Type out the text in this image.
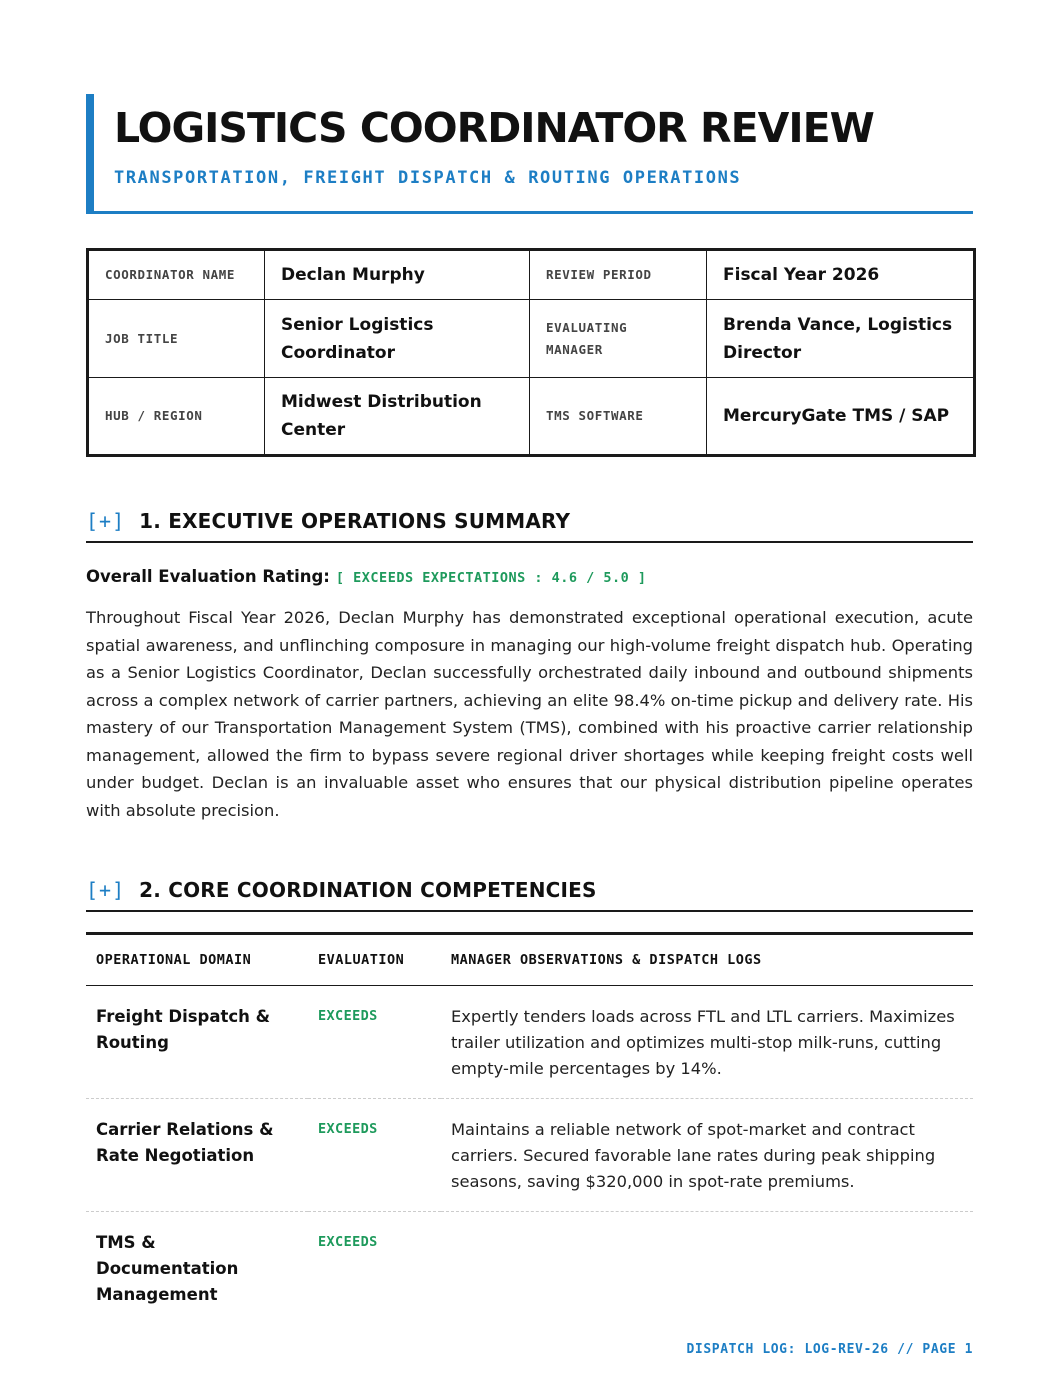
LOGISTICS COORDINATOR REVIEW
TRANSPORTATION, FREIGHT DISPATCH & ROUTING OPERATIONS
COORDINATOR NAME	Declan Murphy	REVIEW PERIOD	Fiscal Year 2026
JOB TITLE	Senior Logistics Coordinator	EVALUATING MANAGER	Brenda Vance, Logistics Director
HUB / REGION	Midwest Distribution Center	TMS SOFTWARE	MercuryGate TMS / SAP
[+] 1. EXECUTIVE OPERATIONS SUMMARY
Overall Evaluation Rating: [ EXCEEDS EXPECTATIONS : 4.6 / 5.0 ]

Throughout Fiscal Year 2026, Declan Murphy has demonstrated exceptional operational execution, acute spatial awareness, and unflinching composure in managing our high-volume freight dispatch hub. Operating as a Senior Logistics Coordinator, Declan successfully orchestrated daily inbound and outbound shipments across a complex network of carrier partners, achieving an elite 98.4% on-time pickup and delivery rate. His mastery of our Transportation Management System (TMS), combined with his proactive carrier relationship management, allowed the firm to bypass severe regional driver shortages while keeping freight costs well under budget. Declan is an invaluable asset who ensures that our physical distribution pipeline operates with absolute precision.

[+] 2. CORE COORDINATION COMPETENCIES
OPERATIONAL DOMAIN	EVALUATION	MANAGER OBSERVATIONS & DISPATCH LOGS
Freight Dispatch & Routing	EXCEEDS	Expertly tenders loads across FTL and LTL carriers. Maximizes trailer utilization and optimizes multi-stop milk-runs, cutting empty-mile percentages by 14%.
Carrier Relations & Rate Negotiation	EXCEEDS	Maintains a reliable network of spot-market and contract carriers. Secured favorable lane rates during peak shipping seasons, saving $320,000 in spot-rate premiums.
TMS & Documentation Management	EXCEEDS	
DISPATCH LOG: LOG-REV-26 // PAGE 1
